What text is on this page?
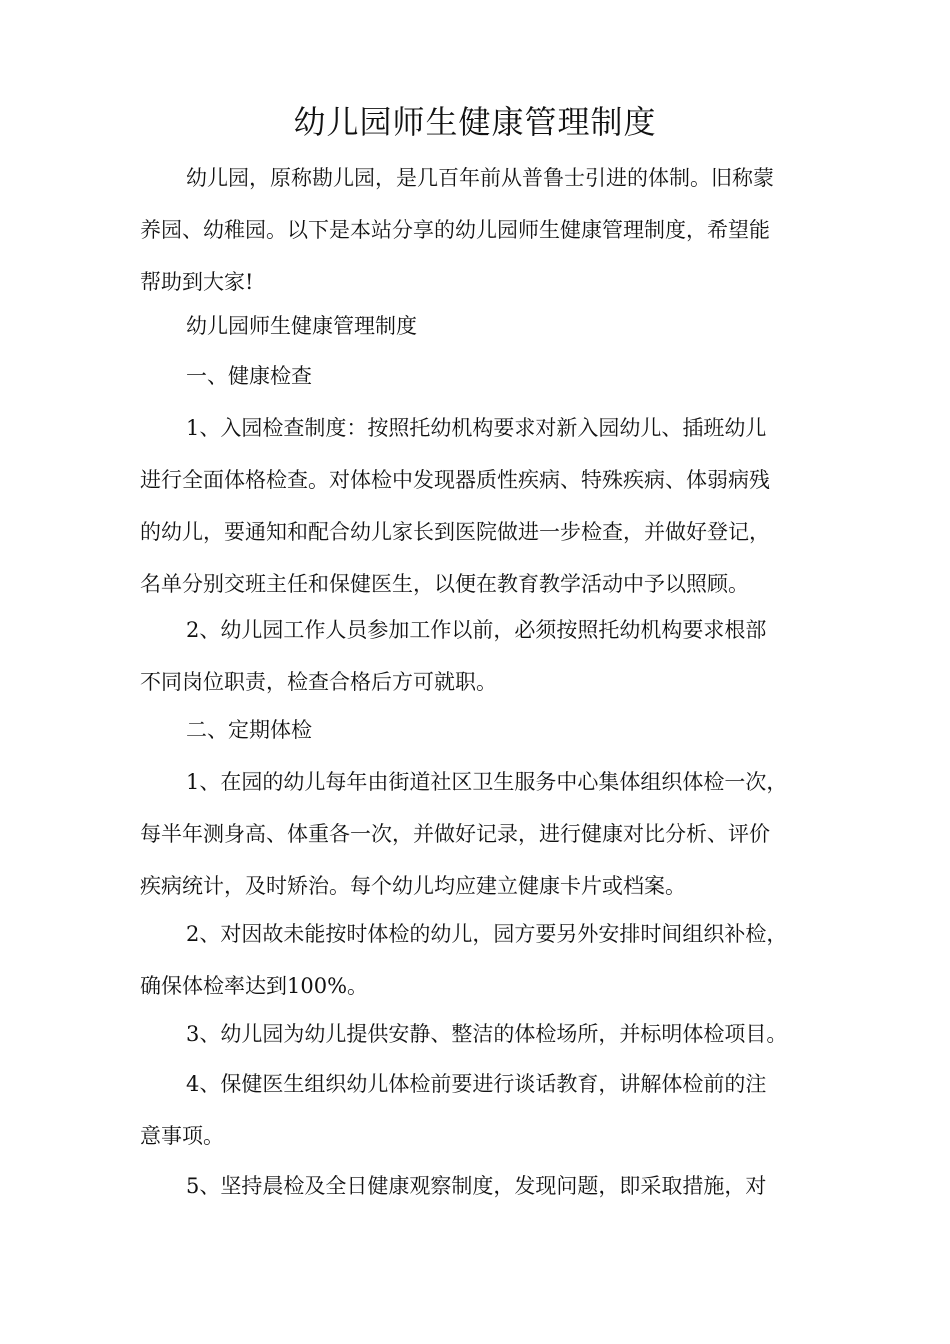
幼儿园师生健康管理制度
幼儿园，原称勘儿园，是几百年前从普鲁士引进的体制。旧称蒙
养园、幼稚园。以下是本站分享的幼儿园师生健康管理制度，希望能
帮助到大家!
幼儿园师生健康管理制度
一、健康检查
1、入园检查制度：按照托幼机构要求对新入园幼儿、插班幼儿
进行全面体格检查。对体检中发现器质性疾病、特殊疾病、体弱病残
的幼儿，要通知和配合幼儿家长到医院做进一步检查，并做好登记，
名单分别交班主任和保健医生，以便在教育教学活动中予以照顾。
2、幼儿园工作人员参加工作以前，必须按照托幼机构要求根部
不同岗位职责，检查合格后方可就职。
二、定期体检
1、在园的幼儿每年由街道社区卫生服务中心集体组织体检一次，
每半年测身高、体重各一次，并做好记录，进行健康对比分析、评价
疾病统计，及时矫治。每个幼儿均应建立健康卡片或档案。
2、对因故未能按时体检的幼儿，园方要另外安排时间组织补检，
确保体检率达到100%。
3、幼儿园为幼儿提供安静、整洁的体检场所，并标明体检项目。
4、保健医生组织幼儿体检前要进行谈话教育，讲解体检前的注
意事项。
5、坚持晨检及全日健康观察制度，发现问题，即采取措施，对
